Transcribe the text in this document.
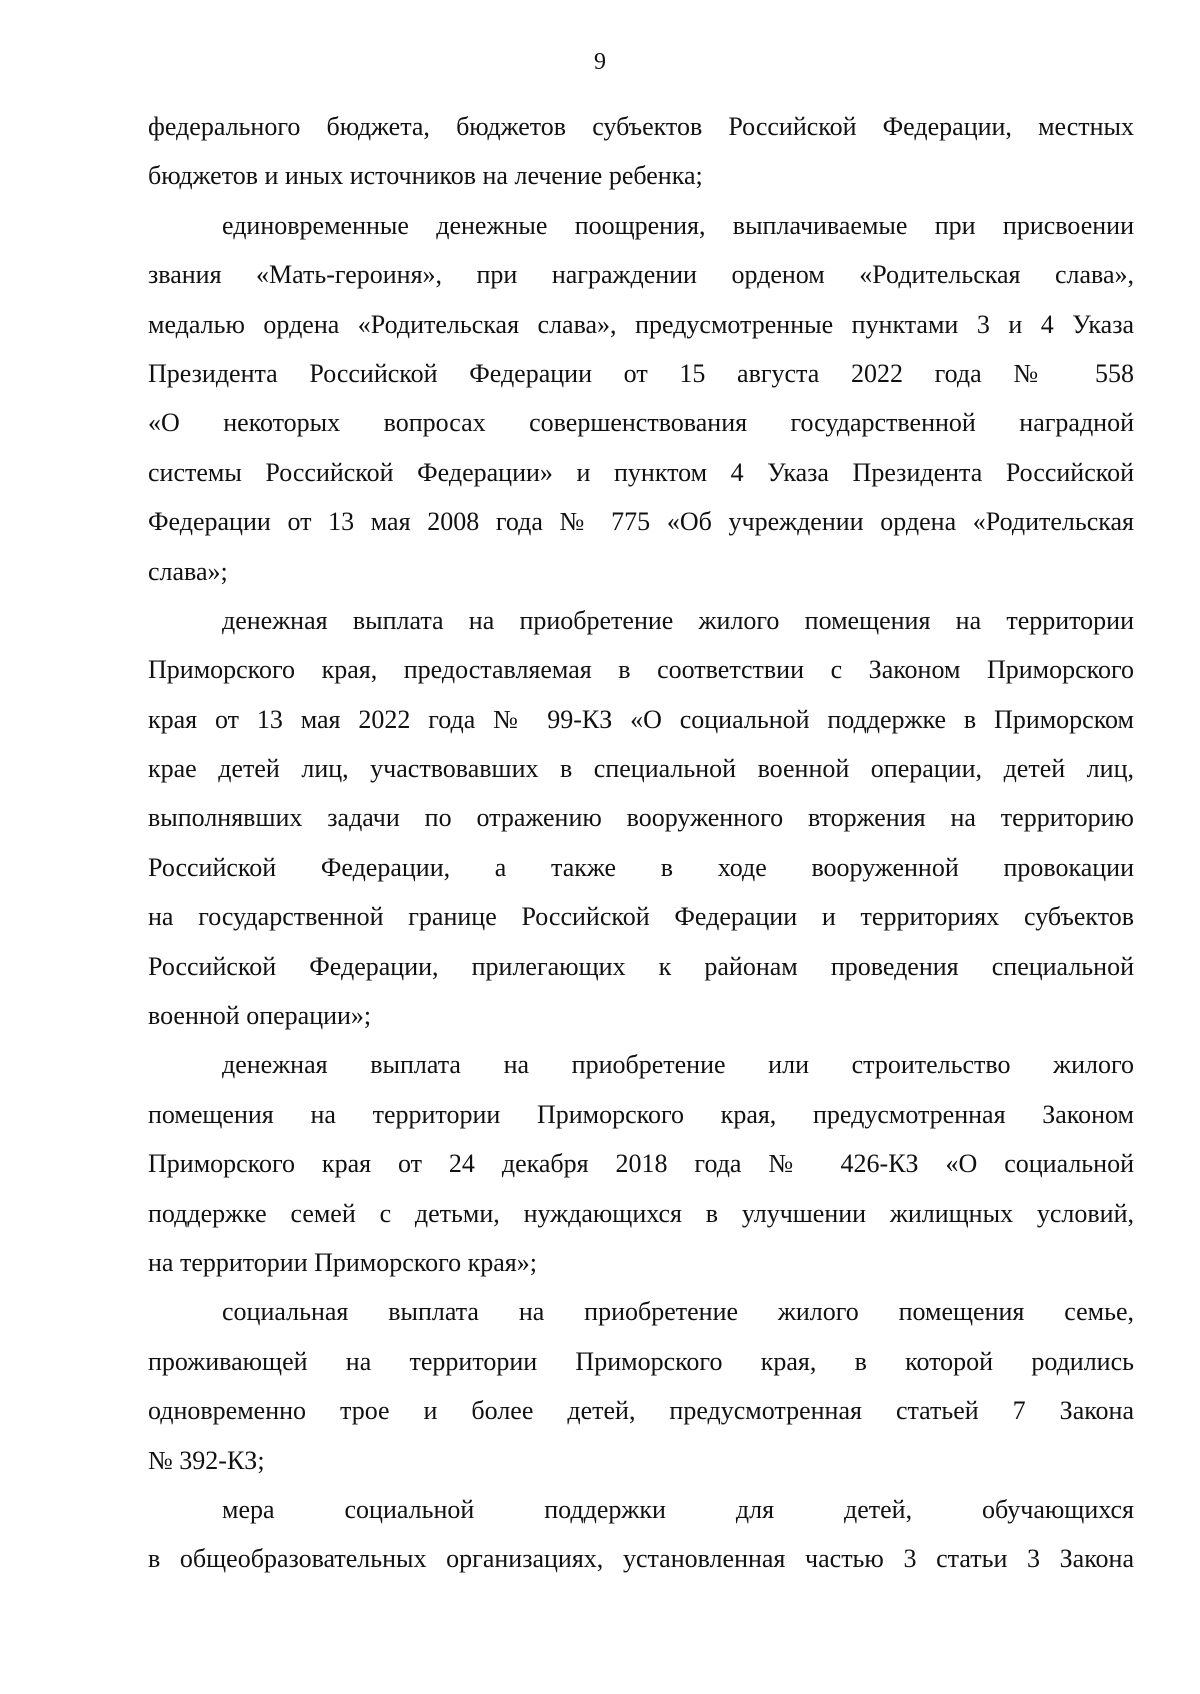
9
федерального бюджета, бюджетов субъектов Российской Федерации, местных
бюджетов и иных источников на лечение ребенка;
единовременные денежные поощрения, выплачиваемые при присвоении
звания «Мать-героиня», при награждении орденом «Родительская слава»,
медалью ордена «Родительская слава», предусмотренные пунктами 3 и 4 Указа
Президента Российской Федерации от 15 августа 2022 года № 558
«О некоторых вопросах совершенствования государственной наградной
системы Российской Федерации» и пунктом 4 Указа Президента Российской
Федерации от 13 мая 2008 года № 775 «Об учреждении ордена «Родительская
слава»;
денежная выплата на приобретение жилого помещения на территории
Приморского края, предоставляемая в соответствии с Законом Приморского
края от 13 мая 2022 года № 99-КЗ «О социальной поддержке в Приморском
крае детей лиц, участвовавших в специальной военной операции, детей лиц,
выполнявших задачи по отражению вооруженного вторжения на территорию
Российской Федерации, а также в ходе вооруженной провокации
на государственной границе Российской Федерации и территориях субъектов
Российской Федерации, прилегающих к районам проведения специальной
военной операции»;
денежная выплата на приобретение или строительство жилого
помещения на территории Приморского края, предусмотренная Законом
Приморского края от 24 декабря 2018 года № 426-КЗ «О социальной
поддержке семей с детьми, нуждающихся в улучшении жилищных условий,
на территории Приморского края»;
социальная выплата на приобретение жилого помещения семье,
проживающей на территории Приморского края, в которой родились
одновременно трое и более детей, предусмотренная статьей 7 Закона
№ 392-КЗ;
мера социальной поддержки для детей, обучающихся
в общеобразовательных организациях, установленная частью 3 статьи 3 Закона
